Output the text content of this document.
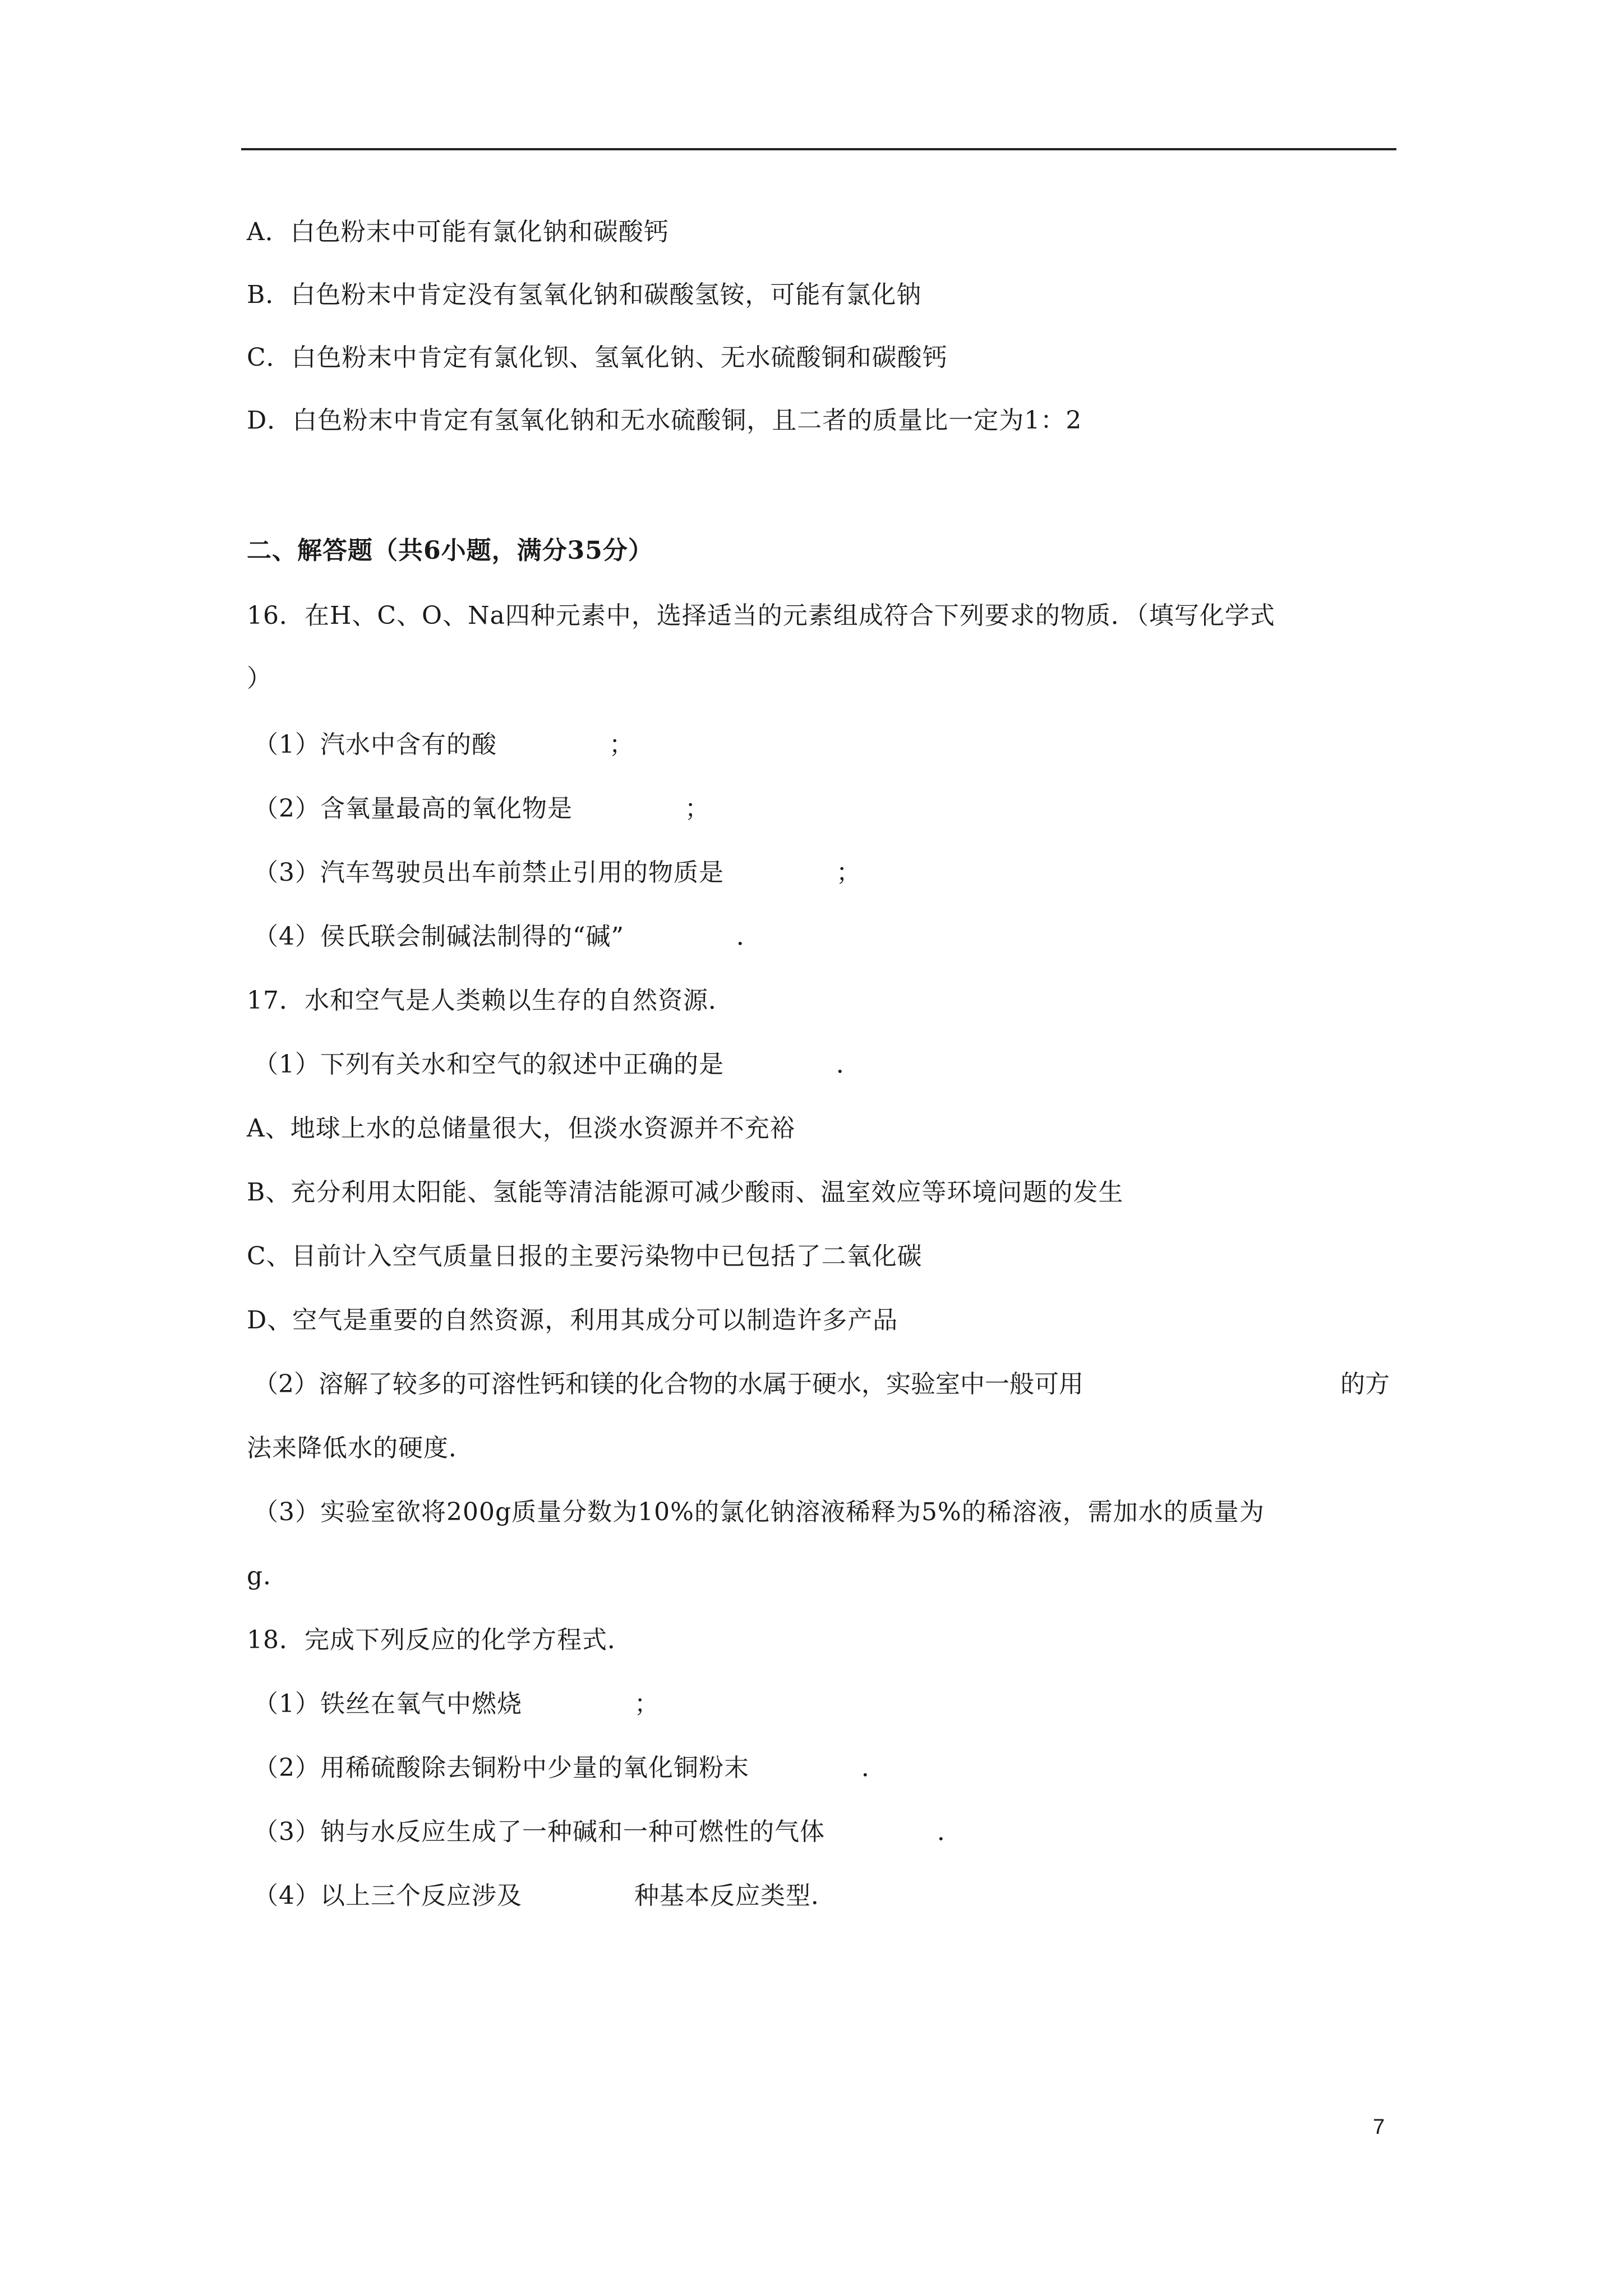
A．白色粉末中可能有氯化钠和碳酸钙
B．白色粉末中肯定没有氢氧化钠和碳酸氢铵，可能有氯化钠
C．白色粉末中肯定有氯化钡、氢氧化钠、无水硫酸铜和碳酸钙
D．白色粉末中肯定有氢氧化钠和无水硫酸铜，且二者的质量比一定为1：2
二、解答题（共6小题，满分35分）
16．在H、C、O、Na四种元素中，选择适当的元素组成符合下列要求的物质．（填写化学式
）
（1）汽水中含有的酸	；
（2）含氧量最高的氧化物是	；
（3）汽车驾驶员出车前禁止引用的物质是	；
（4）侯氏联会制碱法制得的“碱”	．
17．水和空气是人类赖以生存的自然资源．
（1）下列有关水和空气的叙述中正确的是	．
A、地球上水的总储量很大，但淡水资源并不充裕
B、充分利用太阳能、氢能等清洁能源可减少酸雨、温室效应等环境问题的发生
C、目前计入空气质量日报的主要污染物中已包括了二氧化碳
D、空气是重要的自然资源，利用其成分可以制造许多产品
（2）溶解了较多的可溶性钙和镁的化合物的水属于硬水，实验室中一般可用	的方
法来降低水的硬度．
（3）实验室欲将200g质量分数为10%的氯化钠溶液稀释为5%的稀溶液，需加水的质量为
g．
18．完成下列反应的化学方程式．
（1）铁丝在氧气中燃烧	；
（2）用稀硫酸除去铜粉中少量的氧化铜粉末	．
（3）钠与水反应生成了一种碱和一种可燃性的气体	．
（4）以上三个反应涉及	种基本反应类型．
7
